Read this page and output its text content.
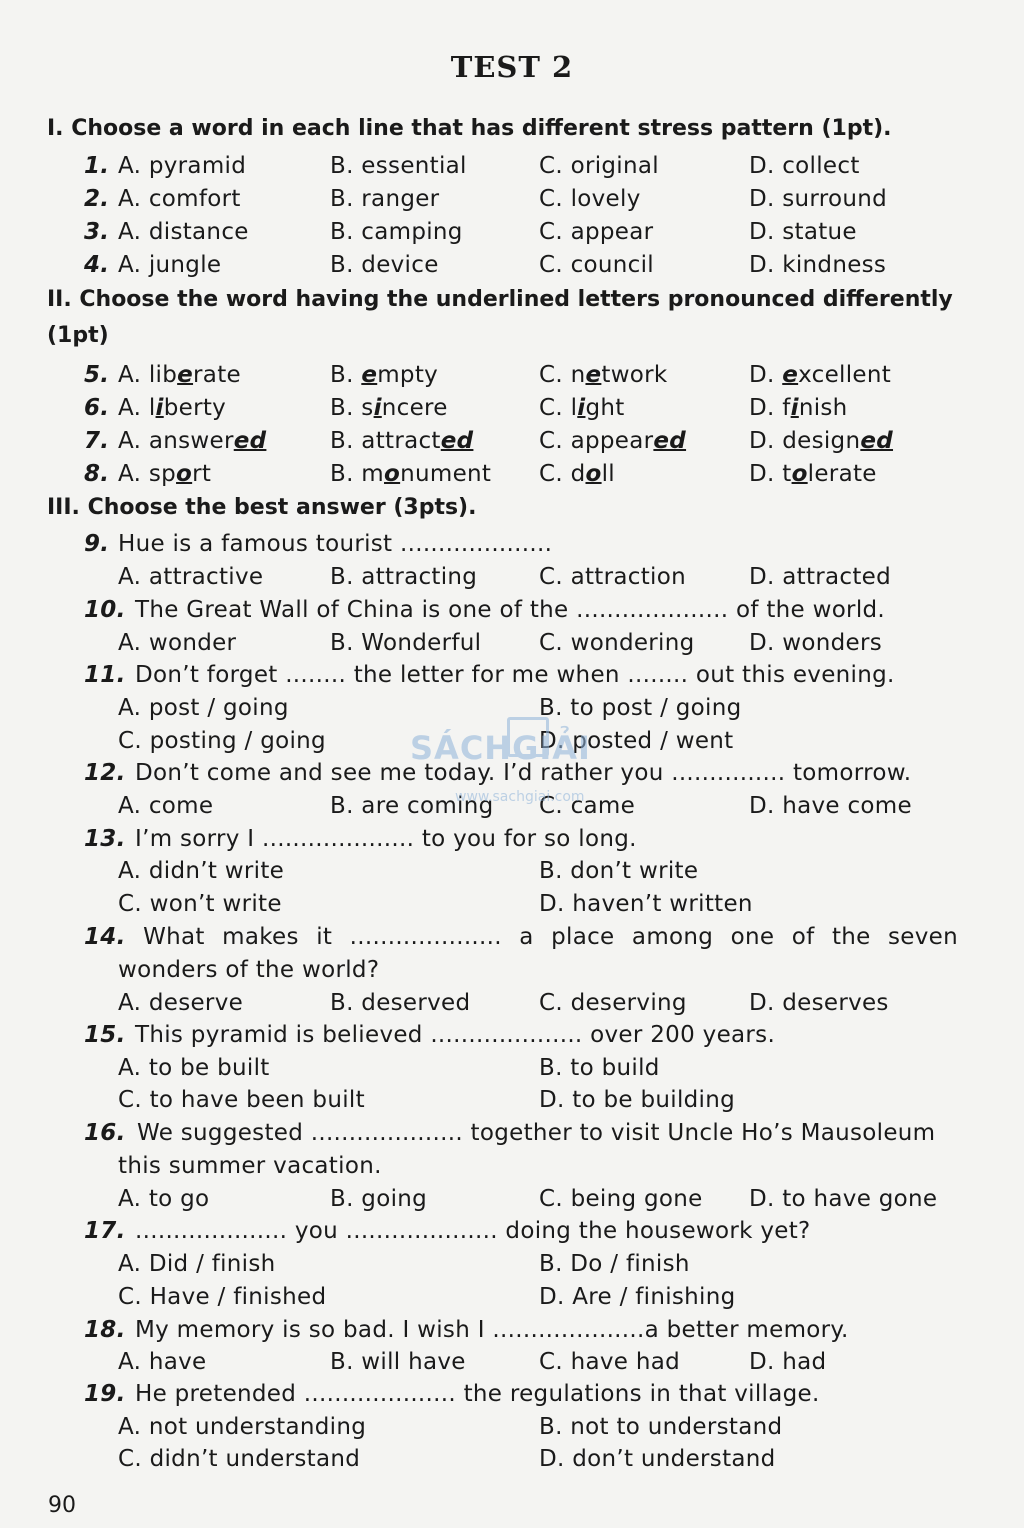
TEST 2
I. Choose a word in each line that has different stress pattern (1pt).
1. A. pyramid	B. essential	C. original	D. collect
2. A. comfort	B. ranger	C. lovely	D. surround
3. A. distance	B. camping	C. appear	D. statue
4. A. jungle	B. device	C. council	D. kindness
II. Choose the word having the underlined letters pronounced differently (1pt)
5. A. liberate	B. empty	C. network	D. excellent
6. A. liberty	B. sincere	C. light	D. finish
7. A. answered	B. attracted	C. appeared	D. designed
8. A. sport	B. monument C. doll	D. tolerate
III. Choose the best answer (3pts).
9. Hue is a famous tourist ....................
A. attractive	B. attracting	C. attraction	D. attracted
10. The Great Wall of China is one of the .................... of the world.
A. wonder	B. Wonderful	C. wondering D. wonders
11. Don’t forget ........ the letter for me when ........ out this evening.
A. post / going	B. to post / going
C. posting / going	D. posted / went
12. Don’t come and see me today. I’d rather you ............... tomorrow.
A. come	B. are coming C. came	D. have come
13. I’m sorry I .................... to you for so long.
A. didn’t write	B. don’t write
C. won’t write	D. haven’t written
14. What makes it .................... a place among one of the seven
wonders of the world?
A. deserve	B. deserved	C. deserving	D. deserves
15. This pyramid is believed .................... over 200 years.
A. to be built	B. to build
C. to have been built	D. to be building
16. We suggested .................... together to visit Uncle Ho’s Mausoleum
this summer vacation.
A. to go	B. going	C. being gone D. to have gone
17. .................... you .................... doing the housework yet?
A. Did / finish	B. Do / finish
C. Have / finished	D. Are / finishing
18. My memory is so bad. I wish I ....................a better memory.
A. have	B. will have	C. have had	D. had
19. He pretended .................... the regulations in that village.
A. not understanding	B. not to understand
C. didn’t understand	D. don’t understand
90
SÁCHGIẢI
www.sachgiai.com
